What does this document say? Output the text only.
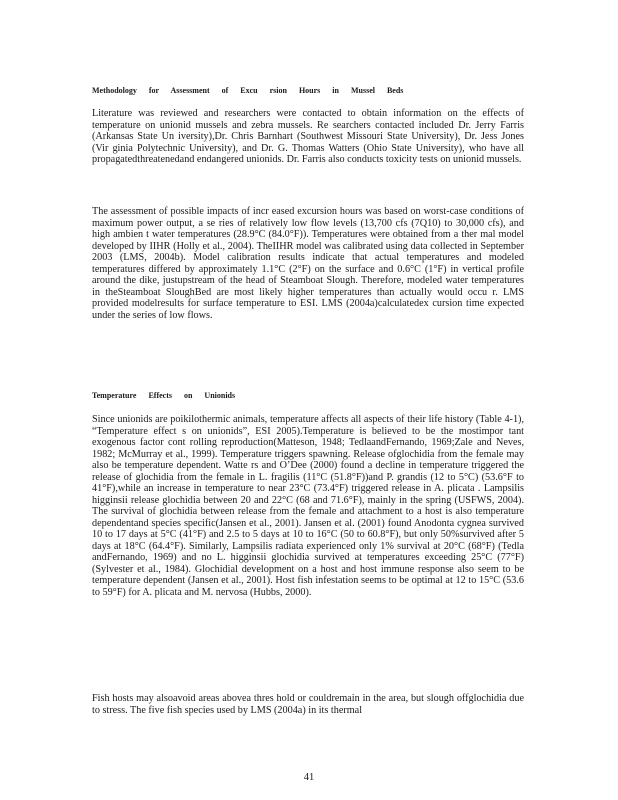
Methodology for Assessment of Excu rsion Hours in Mussel Beds

Literature was reviewed and researchers were contacted to obtain information on the effects of temperature on unionid mussels and zebra mussels. Re searchers contacted included Dr. Jerry Farris (Arkansas State Un iversity),Dr. Chris Barnhart (Southwest Missouri State University), Dr. Jess Jones (Vir ginia Polytechnic University), and Dr. G. Thomas Watters (Ohio State University), who have all propagatedthreatenedand endangered unionids. Dr. Farris also conducts toxicity tests on unionid mussels.

The assessment of possible impacts of incr eased excursion hours was based on worst-case conditions of maximum power output, a se ries of relatively low flow levels (13,700 cfs (7Q10) to 30,000 cfs), and high ambien t water temperatures (28.9°C (84.0°F)). Temperatures were obtained from a ther mal model developed by IIHR (Holly et al., 2004). TheIIHR model was calibrated using data collected in September 2003 (LMS, 2004b). Model calibration results indicate that actual temperatures and modeled temperatures differed by approximately 1.1°C (2°F) on the surface and 0.6°C (1°F) in vertical profile around the dike, justupstream of the head of Steamboat Slough. Therefore, modeled water temperatures in theSteamboat SloughBed are most likely higher temperatures than actually would occu r. LMS provided modelresults for surface temperature to ESI. LMS (2004a)calculatedex cursion time expected under the series of low flows.

Temperature Effects on Unionids

Since unionids are poikilothermic animals, temperature affects all aspects of their life history (Table 4-1), “Temperature effect s on unionids”, ESI 2005).Temperature is believed to be the mostimpor tant exogenous factor cont rolling reproduction(Matteson, 1948; TedlaandFernando, 1969;Zale and Neves, 1982; McMurray et al., 1999). Temperature triggers spawning. Release ofglochidia from the female may also be temperature dependent. Watte rs and O’Dee (2000) found a decline in temperature triggered the release of glochidia from the female in L. fragilis (11°C (51.8°F))and P. grandis (12 to 5°C) (53.6°F to 41°F),while an increase in temperature to near 23°C (73.4°F) triggered release in A. plicata . Lampsilis higginsii release glochidia between 20 and 22°C (68 and 71.6°F), mainly in the spring (USFWS, 2004). The survival of glochidia between release from the female and attachment to a host is also temperature dependentand species specific(Jansen et al., 2001). Jansen et al. (2001) found Anodonta cygnea survived 10 to 17 days at 5°C (41°F) and 2.5 to 5 days at 10 to 16°C (50 to 60.8°F), but only 50%survived after 5 days at 18°C (64.4°F). Similarly, Lampsilis radiata experienced only 1% survival at 20°C (68°F) (Tedla andFernando, 1969) and no L. higginsii glochidia survived at temperatures exceeding 25°C (77°F) (Sylvester et al., 1984). Glochidial development on a host and host immune response also seem to be temperature dependent (Jansen et al., 2001). Host fish infestation seems to be optimal at 12 to 15°C (53.6 to 59°F) for A. plicata and M. nervosa (Hubbs, 2000).

Fish hosts may alsoavoid areas abovea thres hold or couldremain in the area, but slough offglochidia due to stress. The five fish species used by LMS (2004a) in its thermal

41
